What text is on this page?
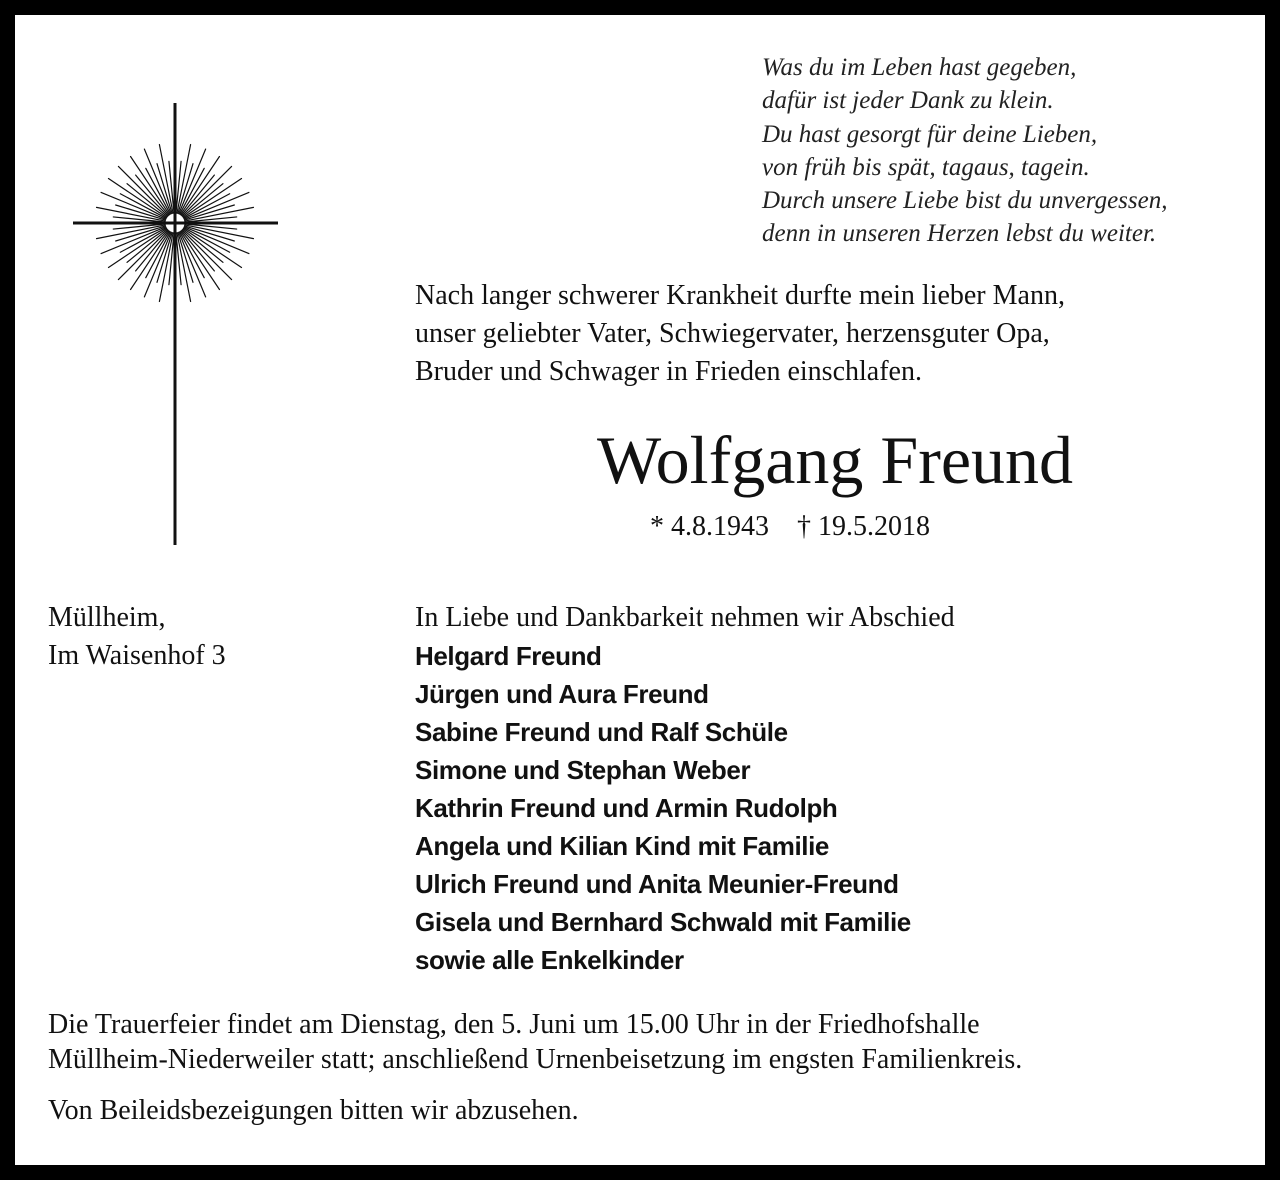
Was du im Leben hast gegeben,
dafür ist jeder Dank zu klein.
Du hast gesorgt für deine Lieben,
von früh bis spät, tagaus, tagein.
Durch unsere Liebe bist du unvergessen,
denn in unseren Herzen lebst du weiter.
Nach langer schwerer Krankheit durfte mein lieber Mann,
unser geliebter Vater, Schwiegervater, herzensguter Opa,
Bruder und Schwager in Frieden einschlafen.
Wolfgang Freund
* 4.8.1943 † 19.5.2018
Müllheim,
Im Waisenhof 3
In Liebe und Dankbarkeit nehmen wir Abschied
Helgard Freund
Jürgen und Aura Freund
Sabine Freund und Ralf Schüle
Simone und Stephan Weber
Kathrin Freund und Armin Rudolph
Angela und Kilian Kind mit Familie
Ulrich Freund und Anita Meunier-Freund
Gisela und Bernhard Schwald mit Familie
sowie alle Enkelkinder
Die Trauerfeier findet am Dienstag, den 5. Juni um 15.00 Uhr in der Friedhofshalle
Müllheim-Niederweiler statt; anschließend Urnenbeisetzung im engsten Familienkreis.
Von Beileidsbezeigungen bitten wir abzusehen.
